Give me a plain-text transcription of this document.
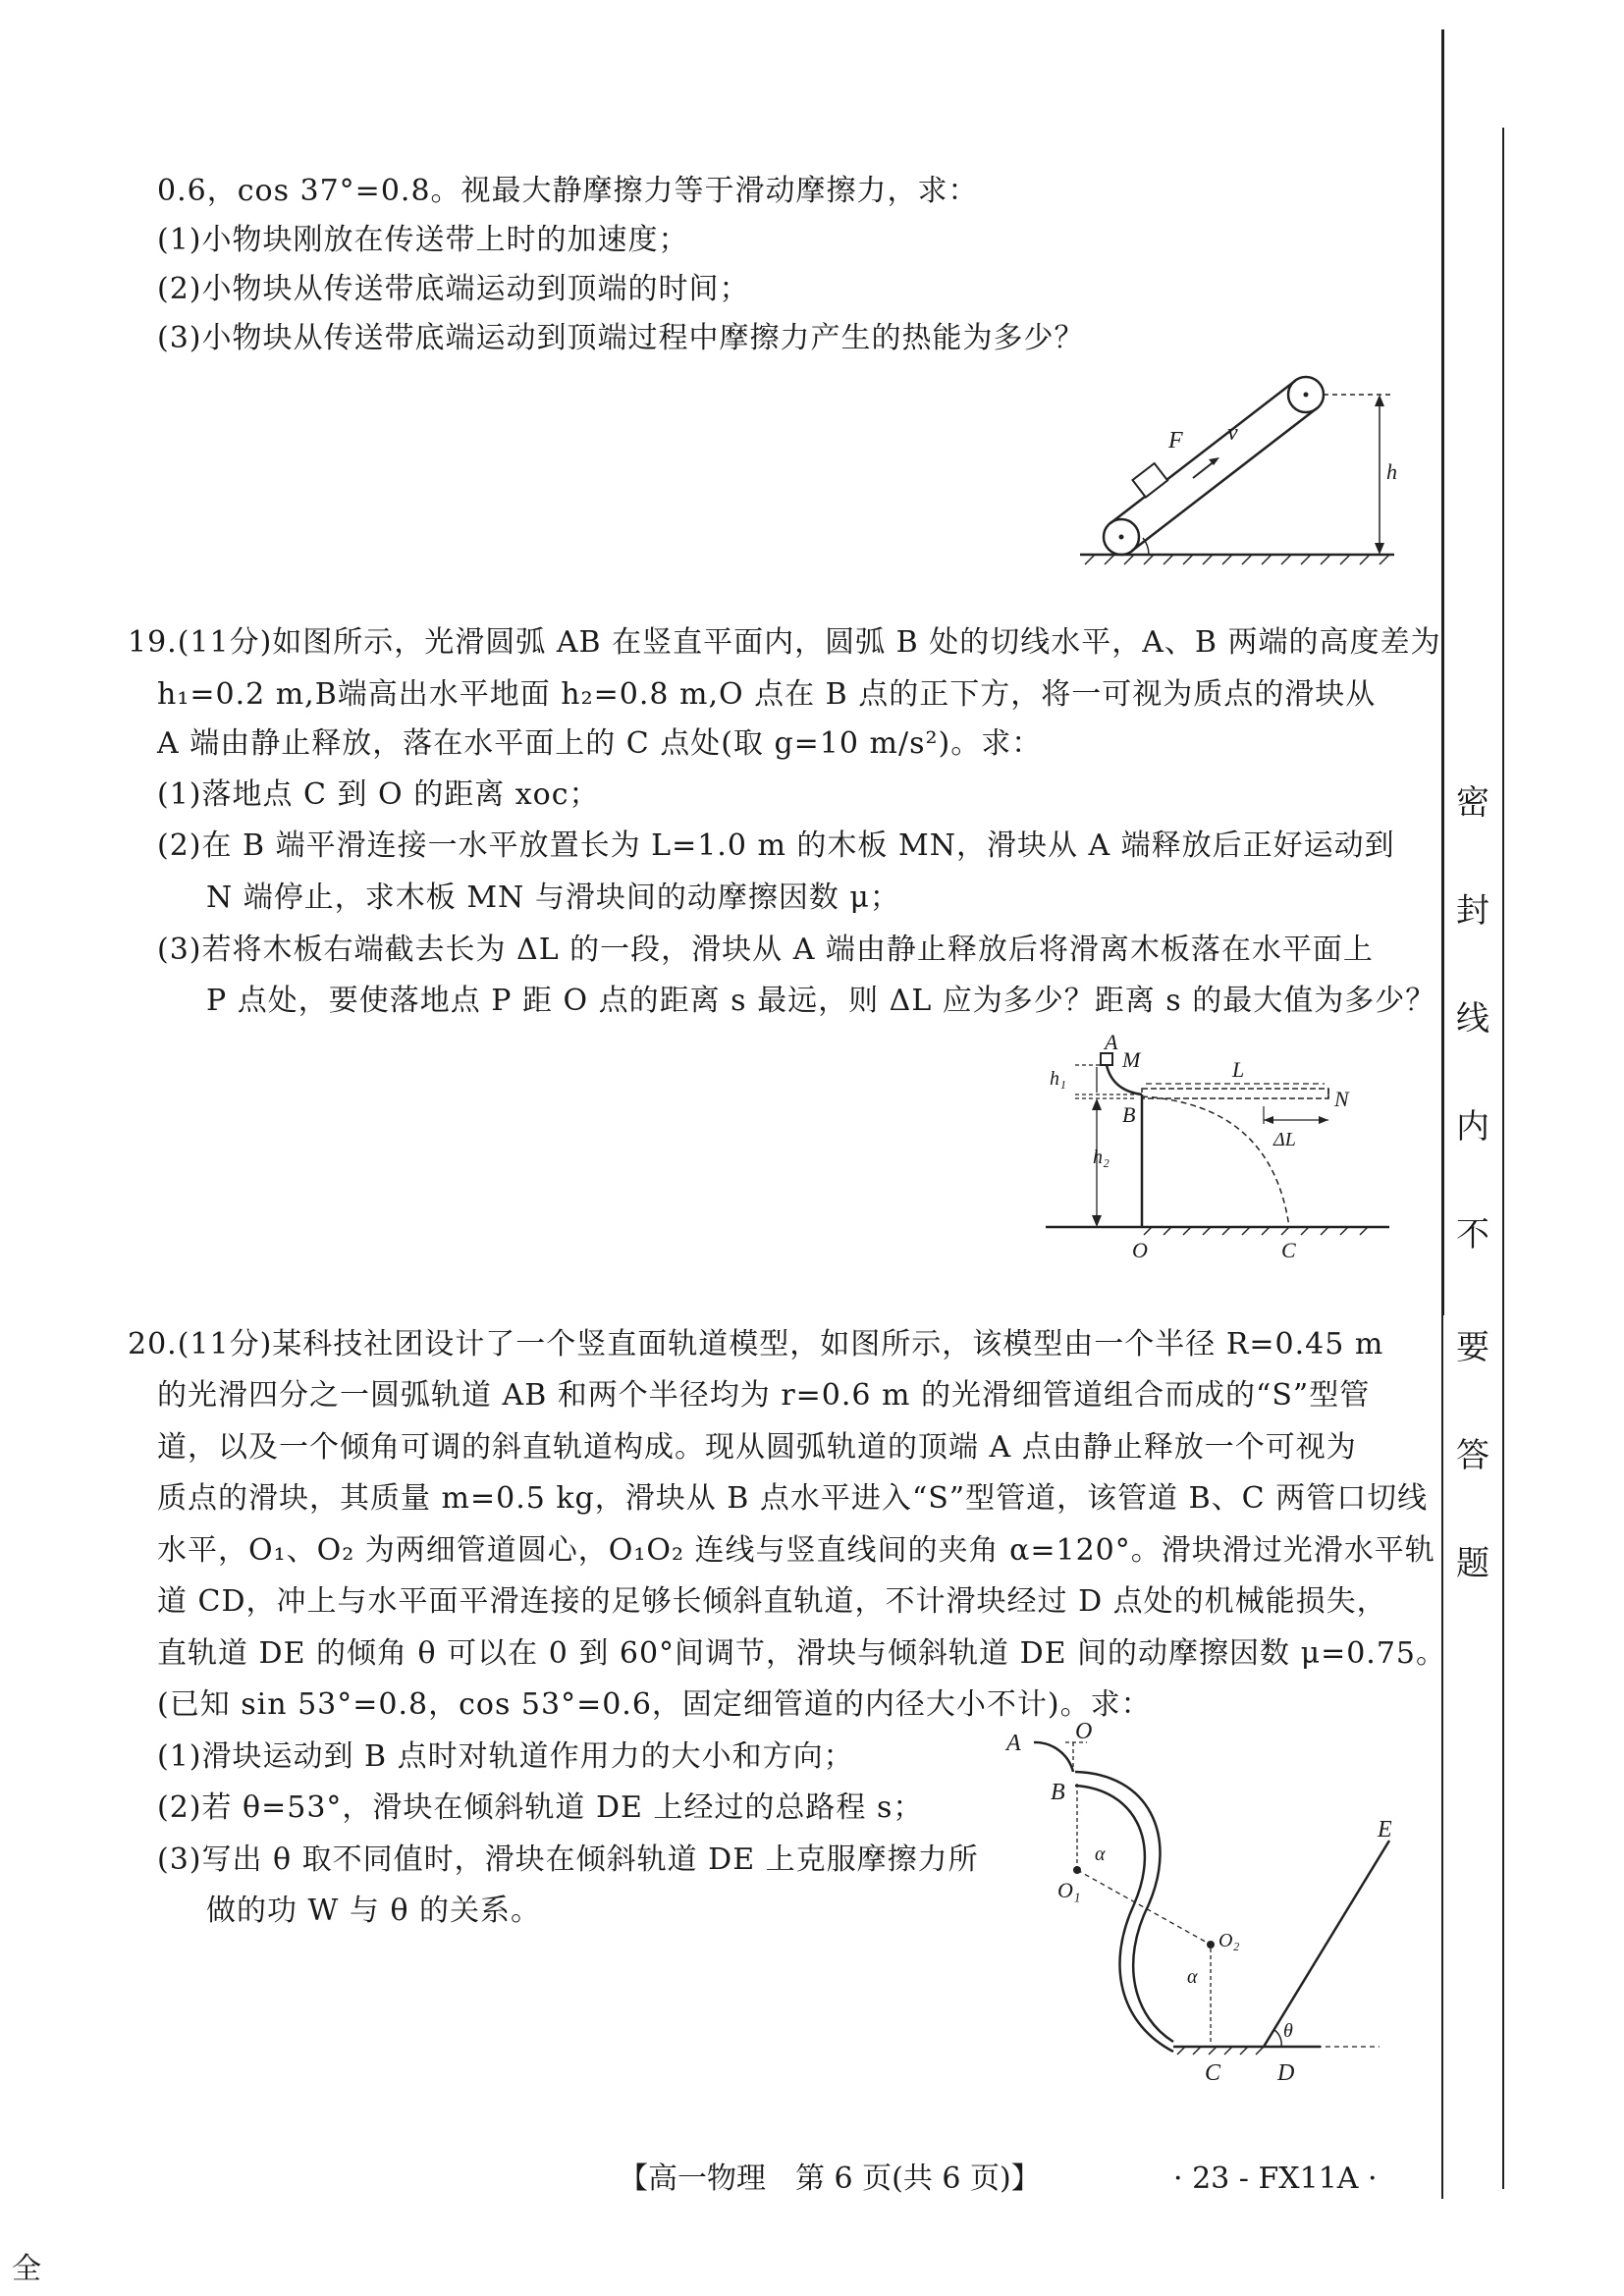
密
封
线
内
不
要
答
题
0.6，cos 37°=0.8。视最大静摩擦力等于滑动摩擦力，求：
(1)小物块刚放在传送带上时的加速度；
(2)小物块从传送带底端运动到顶端的时间；
(3)小物块从传送带底端运动到顶端过程中摩擦力产生的热能为多少？
F v
h
19.(11分)如图所示，光滑圆弧 AB 在竖直平面内，圆弧 B 处的切线水平，A、B 两端的高度差为
h₁=0.2 m,B端高出水平地面 h₂=0.8 m,O 点在 B 点的正下方，将一可视为质点的滑块从
A 端由静止释放，落在水平面上的 C 点处(取 g=10 m/s²)。求：
(1)落地点 C 到 O 的距离 xoc；
(2)在 B 端平滑连接一水平放置长为 L=1.0 m 的木板 MN，滑块从 A 端释放后正好运动到
N 端停止，求木板 MN 与滑块间的动摩擦因数 μ；
(3)若将木板右端截去长为 ΔL 的一段，滑块从 A 端由静止释放后将滑离木板落在水平面上
P 点处，要使落地点 P 距 O 点的距离 s 最远，则 ΔL 应为多少？距离 s 的最大值为多少？
A
M
h₁	L
N
B
ΔL
h₂
O	C
20.(11分)某科技社团设计了一个竖直面轨道模型，如图所示，该模型由一个半径 R=0.45 m
的光滑四分之一圆弧轨道 AB 和两个半径均为 r=0.6 m 的光滑细管道组合而成的“S”型管
道，以及一个倾角可调的斜直轨道构成。现从圆弧轨道的顶端 A 点由静止释放一个可视为
质点的滑块，其质量 m=0.5 kg，滑块从 B 点水平进入“S”型管道，该管道 B、C 两管口切线
水平，O₁、O₂ 为两细管道圆心，O₁O₂ 连线与竖直线间的夹角 α=120°。滑块滑过光滑水平轨
道 CD，冲上与水平面平滑连接的足够长倾斜直轨道，不计滑块经过 D 点处的机械能损失，
直轨道 DE 的倾角 θ 可以在 0 到 60°间调节，滑块与倾斜轨道 DE 间的动摩擦因数 μ=0.75。
(已知 sin 53°=0.8，cos 53°=0.6，固定细管道的内径大小不计)。求：
(1)滑块运动到 B 点时对轨道作用力的大小和方向；
(2)若 θ=53°，滑块在倾斜轨道 DE 上经过的总路程 s；
(3)写出 θ 取不同值时，滑块在倾斜轨道 DE 上克服摩擦力所
做的功 W 与 θ 的关系。
A O
B
α
O₁
O₂
α
θ
E
C D
【高一物理　第 6 页(共 6 页)】	· 23 - FX11A ·
全
